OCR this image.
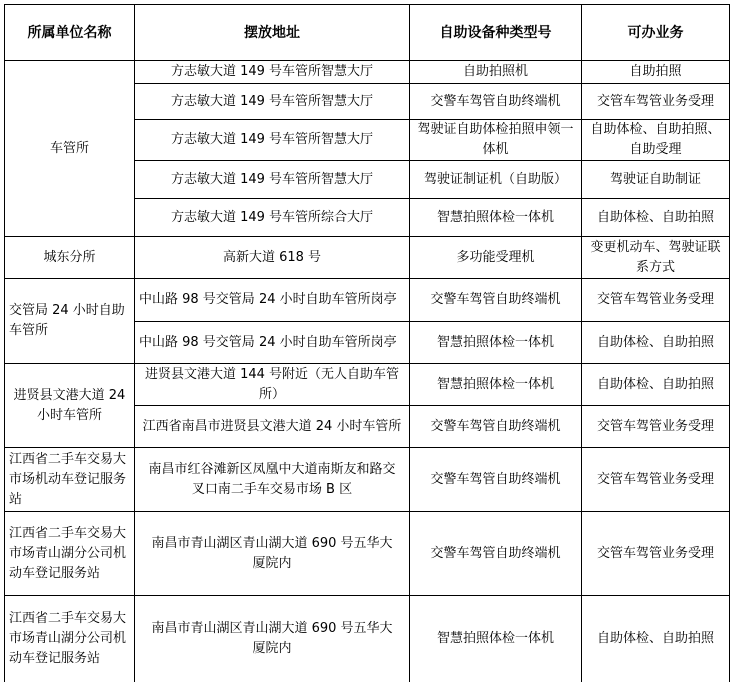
所属单位名称	摆放地址	自助设备种类型号	可办业务
车管所	方志敏大道 149 号车管所智慧大厅	自助拍照机	自助拍照
	方志敏大道 149 号车管所智慧大厅	交警车驾管自助终端机	交管车驾管业务受理
	方志敏大道 149 号车管所智慧大厅	驾驶证自助体检拍照申领一体机	自助体检、自助拍照、自助受理
	方志敏大道 149 号车管所智慧大厅	驾驶证制证机（自助版）	驾驶证自助制证
	方志敏大道 149 号车管所综合大厅	智慧拍照体检一体机	自助体检、自助拍照
城东分所	高新大道 618 号	多功能受理机	变更机动车、驾驶证联系方式
交管局 24 小时自助车管所	中山路 98 号交管局 24 小时自助车管所岗亭	交警车驾管自助终端机	交管车驾管业务受理
	中山路 98 号交管局 24 小时自助车管所岗亭	智慧拍照体检一体机	自助体检、自助拍照
进贤县文港大道 24 小时车管所	进贤县文港大道 144 号附近（无人自助车管所）	智慧拍照体检一体机	自助体检、自助拍照
	江西省南昌市进贤县文港大道 24 小时车管所	交警车驾管自助终端机	交管车驾管业务受理
江西省二手车交易大市场机动车登记服务站	南昌市红谷滩新区凤凰中大道南斯友和路交叉口南二手车交易市场 B 区	交警车驾管自助终端机	交管车驾管业务受理
江西省二手车交易大市场青山湖分公司机动车登记服务站	南昌市青山湖区青山湖大道 690 号五华大厦院内	交警车驾管自助终端机	交管车驾管业务受理
江西省二手车交易大市场青山湖分公司机动车登记服务站	南昌市青山湖区青山湖大道 690 号五华大厦院内	智慧拍照体检一体机	自助体检、自助拍照
